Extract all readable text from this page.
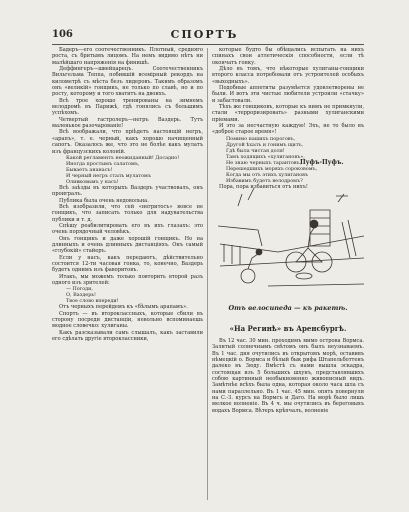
106	СПОРТЪ

Бадеръ—его соотечественникъ. Плотный, средняго роста, съ бритымъ лицомъ. На немъ видимо нѣтъ ни малѣйшаго напряженія на финишѣ.

Деффингеръ—швейцарецъ. Соотечественникъ Вильгельма Теппа, побившій всемірный рекордъ на километрѣ съ мѣста безъ лидеровъ. Такимъ образомъ онъ «великій» гонщикъ, не только по славѣ, но и по росту, которому и того хватитъ на двоихъ.

Всѣ трое хорошо тренированы на зимнемъ велодромѣ въ Парижѣ, гдѣ гонялись съ большимъ успѣхомъ.

Четвертый гастролеръ—негръ Ваздерь. Тутъ маленькое разочарованіе!

Всѣ воображали, что пріѣдетъ настоящій негръ, «арапъ», т. е. черный, какъ хорошо начищенный сапогъ. Оказалось же, что это не болѣе какъ мулатъ изъ французскихъ колоній.

Какой регламентъ неожиданный! Досадно!
Иногда простымъ салатомъ,
Бываетъ ананасъ!
И черный негръ сталъ мулатомъ
Оливковымъ у насъ!

Всѣ заѣзды въ которыхъ Ваздеръ участвовалъ, онъ проигралъ.

Публика была очень недовольна.

Всѣ изобразили, что сей «негритосъ» вовсе не гонщикъ, что записать только для надувательства публики и т. д.

Спѣшу реабилитировать его въ ихъ глазахъ: это очень порядочный человѣкъ.

Онъ гонщикъ и даже хорошій гонщикъ. Но на длинныхъ и очень длинныхъ дистанціяхъ. Онъ самый «глубокій» стайеръ.

Если у насъ, какъ передаютъ, дѣйствительно состоится 12-ти часовая гонка, то, конечно, Ваздерь будетъ однимъ изъ фаворитовъ.

Итакъ, мы можемъ только повторить второй разъ одного изъ зрителей:

— Погоди,
О, Ваздерь!
Твое слово впереди!

Отъ черныхъ перейдемъ къ «бѣлымъ арапамъ».

Спортъ — въ второклассныхъ, которые сбили въ сторону посреди дистанціи, невольно вспоминаешь модное словечко: хулиганы.

Какъ разсказывали самъ слышалъ, какъ заставили его сдѣлать другіе второклассники,

которые будто бы обѣщались испытать на нихъ спинахъ свои атлетическія способности, если тѣ окончатъ гонку.

Дѣло въ томъ, что нѣкоторые хулиганы-гонщики второго класса потребовали отъ устроителей особыхъ «выходныхъ».

Подобные аппетиты разумѣется удовлетворены не были. И вотъ эти чистые любители устроили «стачку» и забастовали.

Тѣхъ же гонщиковъ, которые къ нимъ не примкнули, стали «терроризировать» разными хулиганскими пріемами.

И это за несчастную каждую! Эхъ, не то было въ «доброе старое время»!

Помимо нашихъ пороговъ,
Другой ѣхалъ и гонимъ щитъ,
Гдѣ была чистая доля!
Тамъ ходящихъ «хулигановъ»,
Не знаю черныхъ тарантовъ,
Перешедшихъ моряхъ сороковомъ,
Когда мы отъ этихъ хулигановъ
Избавимъ будетъ велодромъ?

Пора, пора избавиться отъ нихъ!

Пуфъ-Пуфъ.
Отъ велосипеда — къ ракетѣ.
«На Регинѣ» въ Аренсбургѣ.

Въ 12 час. 30 мин. проходимъ мимо острова Вормса. Залитый солнечнымъ свѣтомъ онъ былъ неузнаваемъ. Въ 1 час. дня очутились въ открытомъ морѣ, оставивъ нѣмецкій о. Вормса и бѣлый бык рифа Штапельботтенъ далеко въ Зюду. Вмѣстѣ съ нами вышла эскадра, состоящая изъ 5 большихъ шхунъ, представлявшихъ собою картинный необыкновенно живописный видъ. Замѣтнѣе всѣхъ была одна, которая около часа шла съ нами параллельно. Въ 1 час. 45 мин. опять повернули на С.-З. курсъ на Вормсъ и Даго. На морѣ было лишь мелкое волненіе. Въ 4 ч. мы очутились въ береговыхъ водахъ Вормса. Вѣтеръ крѣпчалъ, волненіе
